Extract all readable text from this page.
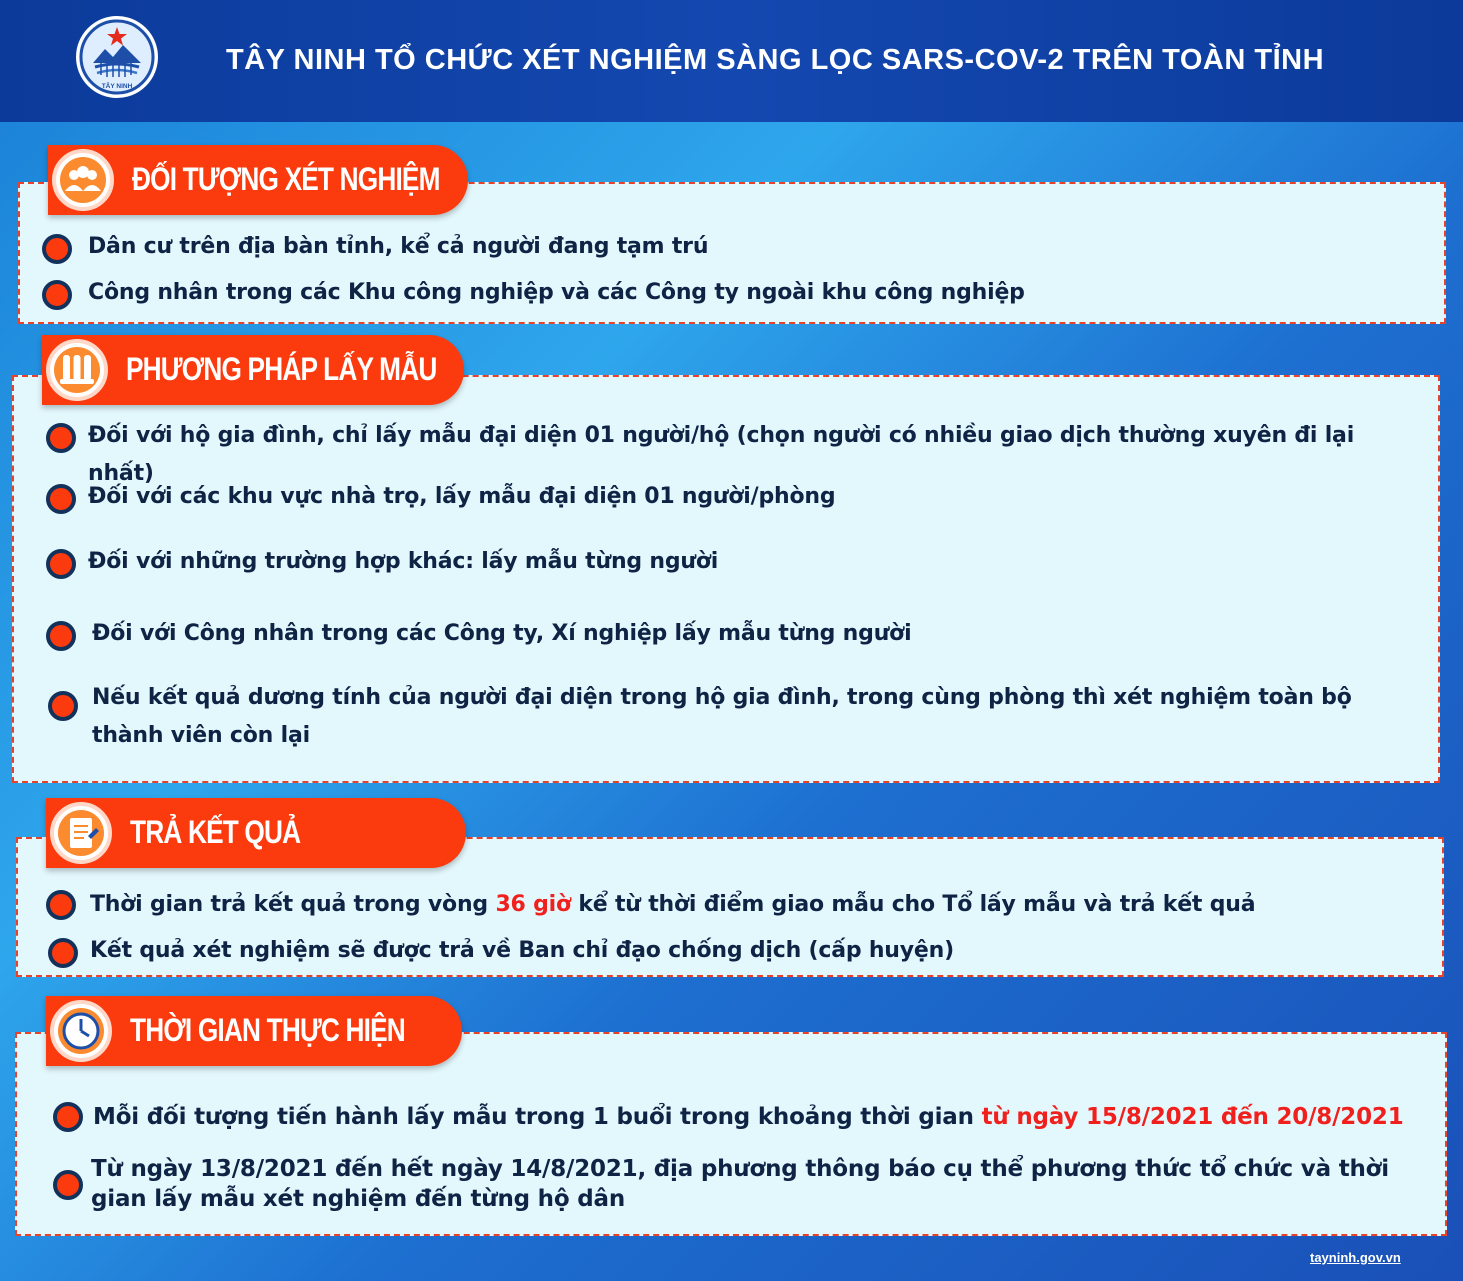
TÂY NINH
TÂY NINH TỔ CHỨC XÉT NGHIỆM SÀNG LỌC SARS-COV-2 TRÊN TOÀN TỈNH
Dân cư trên địa bàn tỉnh, kể cả người đang tạm trú
Công nhân trong các Khu công nghiệp và các Công ty ngoài khu công nghiệp
ĐỐI TƯỢNG XÉT NGHIỆM
Đối với hộ gia đình, chỉ lấy mẫu đại diện 01 người/hộ (chọn người có nhiều giao dịch thường xuyên đi lại nhất)
Đối với các khu vực nhà trọ, lấy mẫu đại diện 01 người/phòng
Đối với những trường hợp khác: lấy mẫu từng người
Đối với Công nhân trong các Công ty, Xí nghiệp lấy mẫu từng người
Nếu kết quả dương tính của người đại diện trong hộ gia đình, trong cùng phòng thì xét nghiệm toàn bộ thành viên còn lại
PHƯƠNG PHÁP LẤY MẪU
Thời gian trả kết quả trong vòng 36 giờ kể từ thời điểm giao mẫu cho Tổ lấy mẫu và trả kết quả
Kết quả xét nghiệm sẽ được trả về Ban chỉ đạo chống dịch (cấp huyện)
TRẢ KẾT QUẢ
Mỗi đối tượng tiến hành lấy mẫu trong 1 buổi trong khoảng thời gian từ ngày 15/8/2021 đến 20/8/2021
Từ ngày 13/8/2021 đến hết ngày 14/8/2021, địa phương thông báo cụ thể phương thức tổ chức và thời gian lấy mẫu xét nghiệm đến từng hộ dân
THỜI GIAN THỰC HIỆN
tayninh.gov.vn
